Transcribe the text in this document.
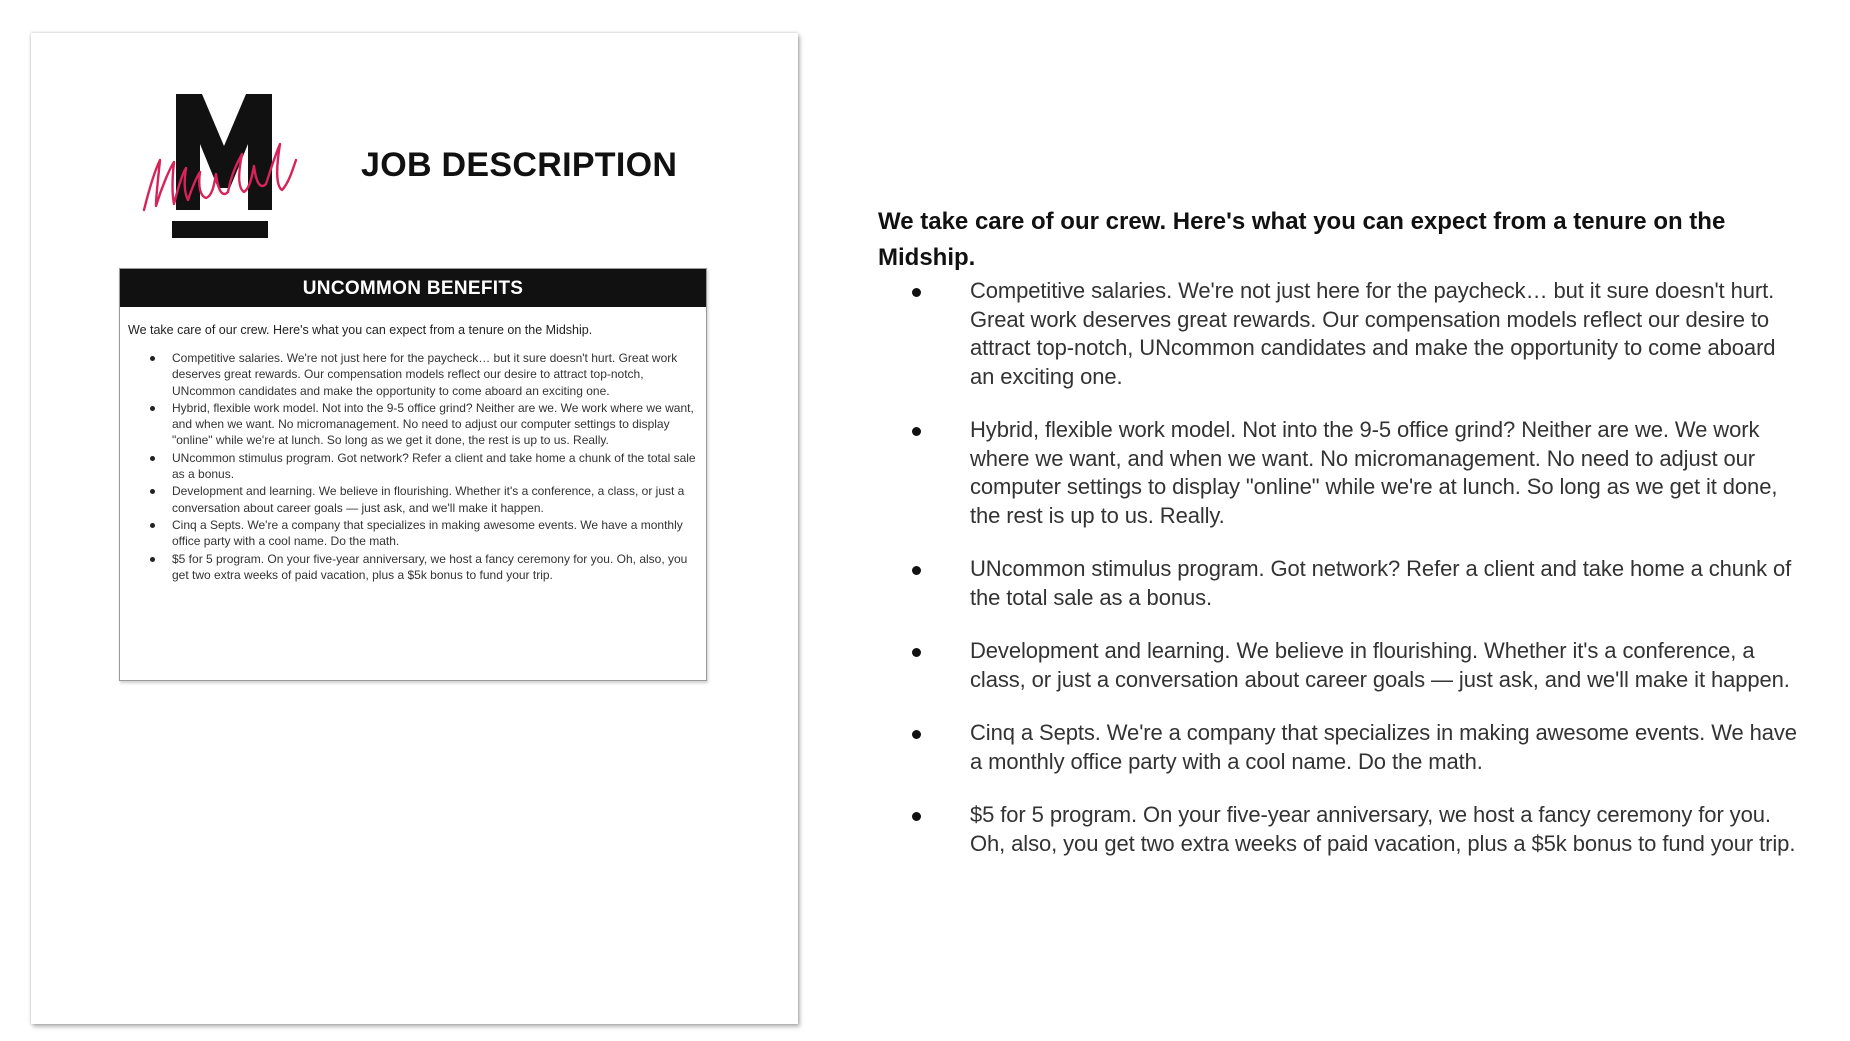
JOB DESCRIPTION
UNCOMMON BENEFITS
We take care of our crew. Here's what you can expect from a tenure on the Midship.
Competitive salaries. We're not just here for the paycheck… but it sure doesn't hurt. Great work deserves great rewards. Our compensation models reflect our desire to attract top-notch, UNcommon candidates and make the opportunity to come aboard an exciting one.
Hybrid, flexible work model. Not into the 9-5 office grind? Neither are we. We work where we want, and when we want. No micromanagement. No need to adjust our computer settings to display "online" while we're at lunch. So long as we get it done, the rest is up to us. Really.
UNcommon stimulus program. Got network? Refer a client and take home a chunk of the total sale as a bonus.
Development and learning. We believe in flourishing. Whether it's a conference, a class, or just a conversation about career goals — just ask, and we'll make it happen.
Cinq a Septs. We're a company that specializes in making awesome events. We have a monthly office party with a cool name. Do the math.
$5 for 5 program. On your five-year anniversary, we host a fancy ceremony for you. Oh, also, you get two extra weeks of paid vacation, plus a $5k bonus to fund your trip.
We take care of our crew. Here's what you can expect from a tenure on the Midship.
Competitive salaries. We're not just here for the paycheck… but it sure doesn't hurt. Great work deserves great rewards. Our compensation models reflect our desire to attract top-notch, UNcommon candidates and make the opportunity to come aboard an exciting one.
Hybrid, flexible work model. Not into the 9-5 office grind? Neither are we. We work where we want, and when we want. No micromanagement. No need to adjust our computer settings to display "online" while we're at lunch. So long as we get it done, the rest is up to us. Really.
UNcommon stimulus program. Got network? Refer a client and take home a chunk of the total sale as a bonus.
Development and learning. We believe in flourishing. Whether it's a conference, a class, or just a conversation about career goals — just ask, and we'll make it happen.
Cinq a Septs. We're a company that specializes in making awesome events. We have a monthly office party with a cool name. Do the math.
$5 for 5 program. On your five-year anniversary, we host a fancy ceremony for you. Oh, also, you get two extra weeks of paid vacation, plus a $5k bonus to fund your trip.
